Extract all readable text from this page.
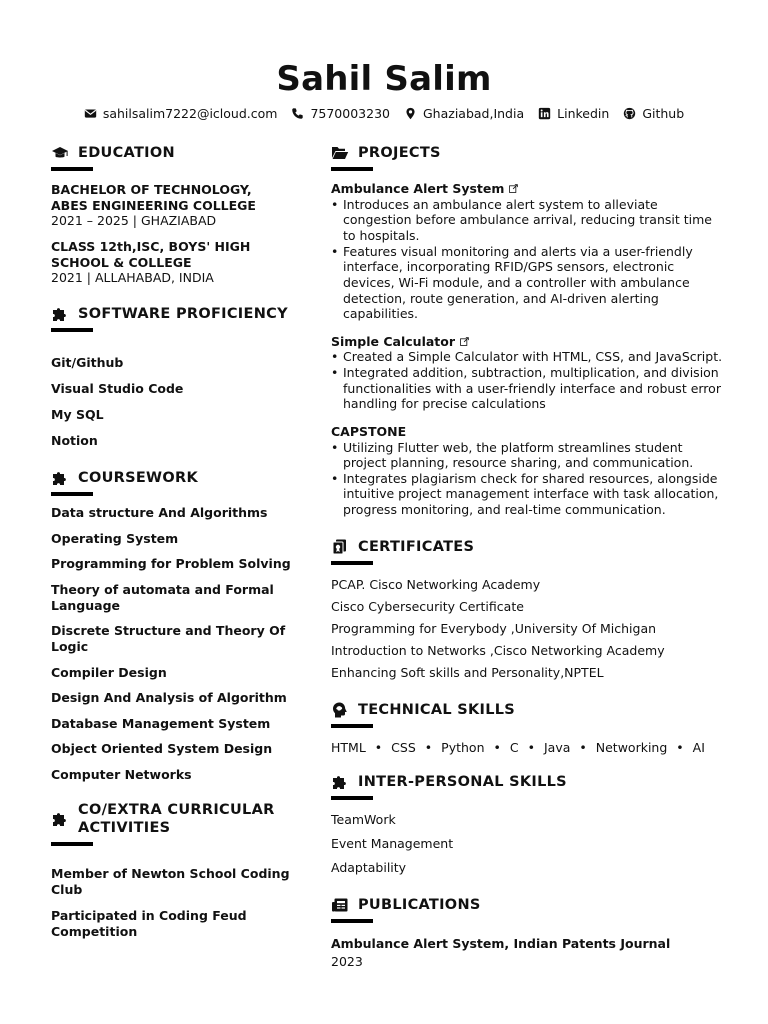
Sahil Salim
sahilsalim7222@icloud.com	7570003230	Ghaziabad,India	Linkedin	Github
EDUCATION
BACHELOR OF TECHNOLOGY,
ABES ENGINEERING COLLEGE
2021 – 2025 | GHAZIABAD
CLASS 12th,ISC, BOYS' HIGH
SCHOOL & COLLEGE
2021 | ALLAHABAD, INDIA
SOFTWARE PROFICIENCY
Git/Github
Visual Studio Code
My SQL
Notion
COURSEWORK
Data structure And Algorithms
Operating System
Programming for Problem Solving
Theory of automata and Formal Language
Discrete Structure and Theory Of Logic
Compiler Design
Design And Analysis of Algorithm
Database Management System
Object Oriented System Design
Computer Networks
CO/EXTRA CURRICULAR
ACTIVITIES
Member of Newton School Coding Club
Participated in Coding Feud Competition
PROJECTS
Ambulance Alert System
• Introduces an ambulance alert system to alleviate congestion before ambulance arrival, reducing transit time to hospitals.
• Features visual monitoring and alerts via a user-friendly interface, incorporating RFID/GPS sensors, electronic devices, Wi-Fi module, and a controller with ambulance detection, route generation, and AI-driven alerting capabilities.
Simple Calculator
• Created a Simple Calculator with HTML, CSS, and JavaScript.
• Integrated addition, subtraction, multiplication, and division functionalities with a user-friendly interface and robust error handling for precise calculations
CAPSTONE
• Utilizing Flutter web, the platform streamlines student project planning, resource sharing, and communication.
• Integrates plagiarism check for shared resources, alongside intuitive project management interface with task allocation, progress monitoring, and real-time communication.
CERTIFICATES
PCAP. Cisco Networking Academy
Cisco Cybersecurity Certificate
Programming for Everybody ,University Of Michigan
Introduction to Networks ,Cisco Networking Academy
Enhancing Soft skills and Personality,NPTEL
TECHNICAL SKILLS
HTML • CSS • Python • C • Java • Networking • AI
INTER-PERSONAL SKILLS
TeamWork
Event Management
Adaptability
PUBLICATIONS
Ambulance Alert System, Indian Patents Journal
2023
